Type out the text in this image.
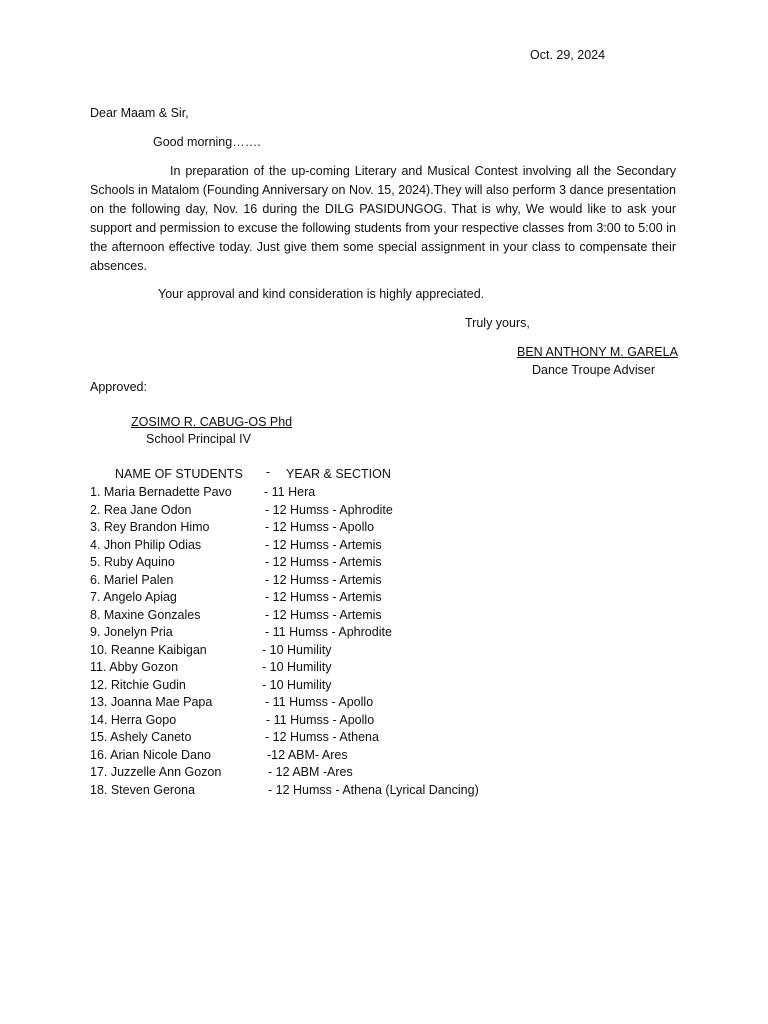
Oct. 29, 2024
Dear Maam & Sir,
Good morning…….
In preparation of the up-coming Literary and Musical Contest involving all the Secondary Schools in Matalom (Founding Anniversary on Nov. 15, 2024).They will also perform 3 dance presentation on the following day, Nov. 16 during the DILG PASIDUNGOG. That is why, We would like to ask your support and permission to excuse the following students from your respective classes from 3:00 to 5:00 in the afternoon effective today. Just give them some special assignment in your class to compensate their absences.
Your approval and kind consideration is highly appreciated.
Truly yours,
BEN ANTHONY M. GARELA
Dance Troupe Adviser
Approved:
ZOSIMO R. CABUG-OS Phd
School Principal IV
NAME OF STUDENTS - YEAR & SECTION
1. Maria Bernadette Pavo	- 11 Hera
2. Rea Jane Odon	- 12 Humss - Aphrodite
3. Rey Brandon Himo	- 12 Humss - Apollo
4. Jhon Philip Odias	- 12 Humss - Artemis
5. Ruby Aquino	- 12 Humss - Artemis
6. Mariel Palen	- 12 Humss - Artemis
7. Angelo Apiag	- 12 Humss - Artemis
8. Maxine Gonzales	- 12 Humss - Artemis
9. Jonelyn Pria	- 11 Humss - Aphrodite
10. Reanne Kaibigan	- 10 Humility
11. Abby Gozon	- 10 Humility
12. Ritchie Gudin	- 10 Humility
13. Joanna Mae Papa	- 11 Humss - Apollo
14. Herra Gopo	- 11 Humss - Apollo
15. Ashely Caneto	- 12 Humss - Athena
16. Arian Nicole Dano	-12 ABM- Ares
17. Juzzelle Ann Gozon	- 12 ABM -Ares
18. Steven Gerona	- 12 Humss - Athena (Lyrical Dancing)
